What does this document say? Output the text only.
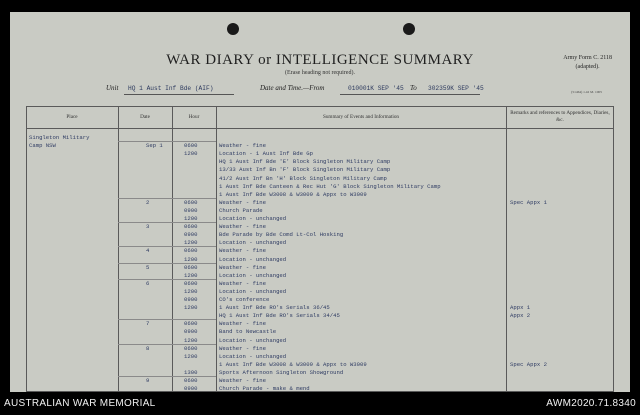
WAR DIARY or INTELLIGENCE SUMMARY
(Erase heading not required).
Army Form C. 2118
(adapted).
(51464) 1.42 M. 1005
Unit HQ 1 Aust Inf Bde (AIF)	Date and Time.—From	010001K SEP '45 To 302359K SEP '45
Place	Date	Hour	Summary of Events and Information
Remarks and references to Appendices, Diaries, &c.
Singleton Military
Camp NSW	Sep 1	0600	Weather - fine
1200	Location - 1 Aust Inf Bde Gp
HQ 1 Aust Inf Bde 'E' Block Singleton Military Camp
13/33 Aust Inf Bn 'F' Block Singleton Military Camp
41/2 Aust Inf Bn 'H' Block Singleton Military Camp
1 Aust Inf Bde Canteen & Rec Hut 'G' Block Singleton Military Camp
1 Aust Inf Bde W3008 & W3009 & Appx to W3009
2	0600	Weather - fine	Spec Appx 1
0900	Church Parade
1200	Location - unchanged
3	0600	Weather - fine
0900	Bde Parade by Bde Comd Lt-Col Hosking
1200	Location - unchanged
4	0600	Weather - fine
1200	Location - unchanged
5	0600	Weather - fine
1200	Location - unchanged
6	0600	Weather - fine
1200	Location - unchanged
0900	CO's conference
1200	1 Aust Inf Bde RO's Serials 36/45	Appx 1
HQ 1 Aust Inf Bde RO's Serials 34/45	Appx 2
7	0600	Weather - fine
0900	Band to Newcastle
1200	Location - unchanged
8	0600	Weather - fine
1200	Location - unchanged
1 Aust Inf Bde W3008 & W3009 & Appx to W3009	Spec Appx 2
1300	Sports Afternoon Singleton Showground
9	0600	Weather - fine
0900	Church Parade - make & mend
AUSTRALIAN WAR MEMORIAL	AWM2020.71.8340
